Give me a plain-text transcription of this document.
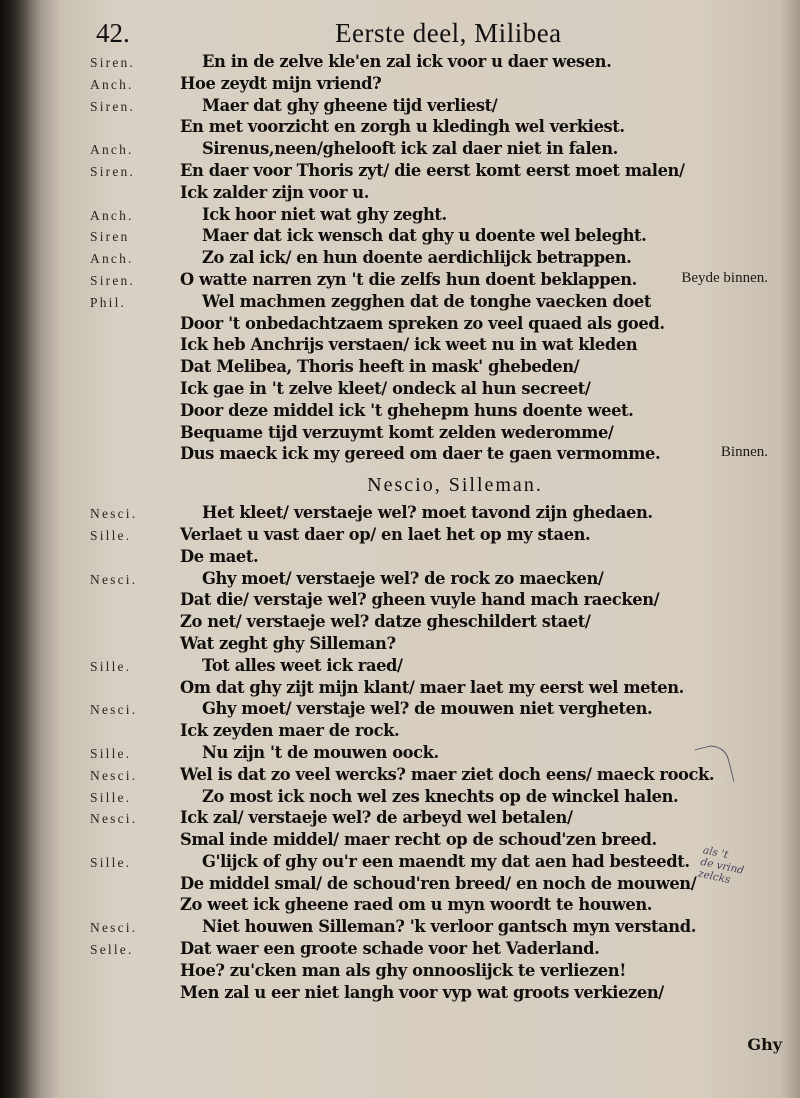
42.	Eerste deel, Milibea
Siren.	En in de zelve kle'en zal ick voor u daer wesen.
Anch.	Hoe zeydt mijn vriend?
Siren.	Maer dat ghy gheene tijd verliest/
En met voorzicht en zorgh u kledingh wel verkiest.
Anch.	Sirenus,neen/ghelooft ick zal daer niet in falen.
Siren.	En daer voor Thoris zyt/ die eerst komt eerst moet malen/
Ick zalder zijn voor u.
Anch.	Ick hoor niet wat ghy zeght.
Siren	Maer dat ick wensch dat ghy u doente wel beleght.
Anch.	Zo zal ick/ en hun doente aerdichlijck betrappen.
Siren.	O watte narren zyn 't die zelfs hun doent beklappen.	Beyde binnen.
Phil.	Wel machmen zegghen dat de tonghe vaecken doet
Door 't onbedachtzaem spreken zo veel quaed als goed.
Ick heb Anchrijs verstaen/ ick weet nu in wat kleden
Dat Melibea, Thoris heeft in mask' ghebeden/
Ick gae in 't zelve kleet/ ondeck al hun secreet/
Door deze middel ick 't ghehepm huns doente weet.
Bequame tijd verzuymt komt zelden wederomme/
Dus maeck ick my gereed om daer te gaen vermomme.	Binnen.
Nescio, Silleman.
Nesci.	Het kleet/ verstaeje wel? moet tavond zijn ghedaen.
Sille.	Verlaet u vast daer op/ en laet het op my staen.
De maet.
Nesci.	Ghy moet/ verstaeje wel? de rock zo maecken/
Dat die/ verstaje wel? gheen vuyle hand mach raecken/
Zo net/ verstaeje wel? datze gheschildert staet/
Wat zeght ghy Silleman?
Sille.	Tot alles weet ick raed/
Om dat ghy zijt mijn klant/ maer laet my eerst wel meten.
Nesci.	Ghy moet/ verstaje wel? de mouwen niet vergheten.
Ick zeyden maer de rock.
Sille.	Nu zijn 't de mouwen oock.
Nesci.	Wel is dat zo veel wercks? maer ziet doch eens/ maeck roock.
Sille.	Zo most ick noch wel zes knechts op de winckel halen.
Nesci.	Ick zal/ verstaeje wel? de arbeyd wel betalen/
Smal inde middel/ maer recht op de schoud'zen breed.
Sille.	G'lijck of ghy ou'r een maendt my dat aen had besteedt.
De middel smal/ de schoud'ren breed/ en noch de mouwen/
Zo weet ick gheene raed om u myn woordt te houwen.
Nesci.	Niet houwen Silleman? 'k verloor gantsch myn verstand.
Selle.	Dat waer een groote schade voor het Vaderland.
Hoe? zu'cken man als ghy onnooslijck te verliezen!
Men zal u eer niet langh voor vyp wat groots verkiezen/
als 't
de vrind
zelcks
Ghy
